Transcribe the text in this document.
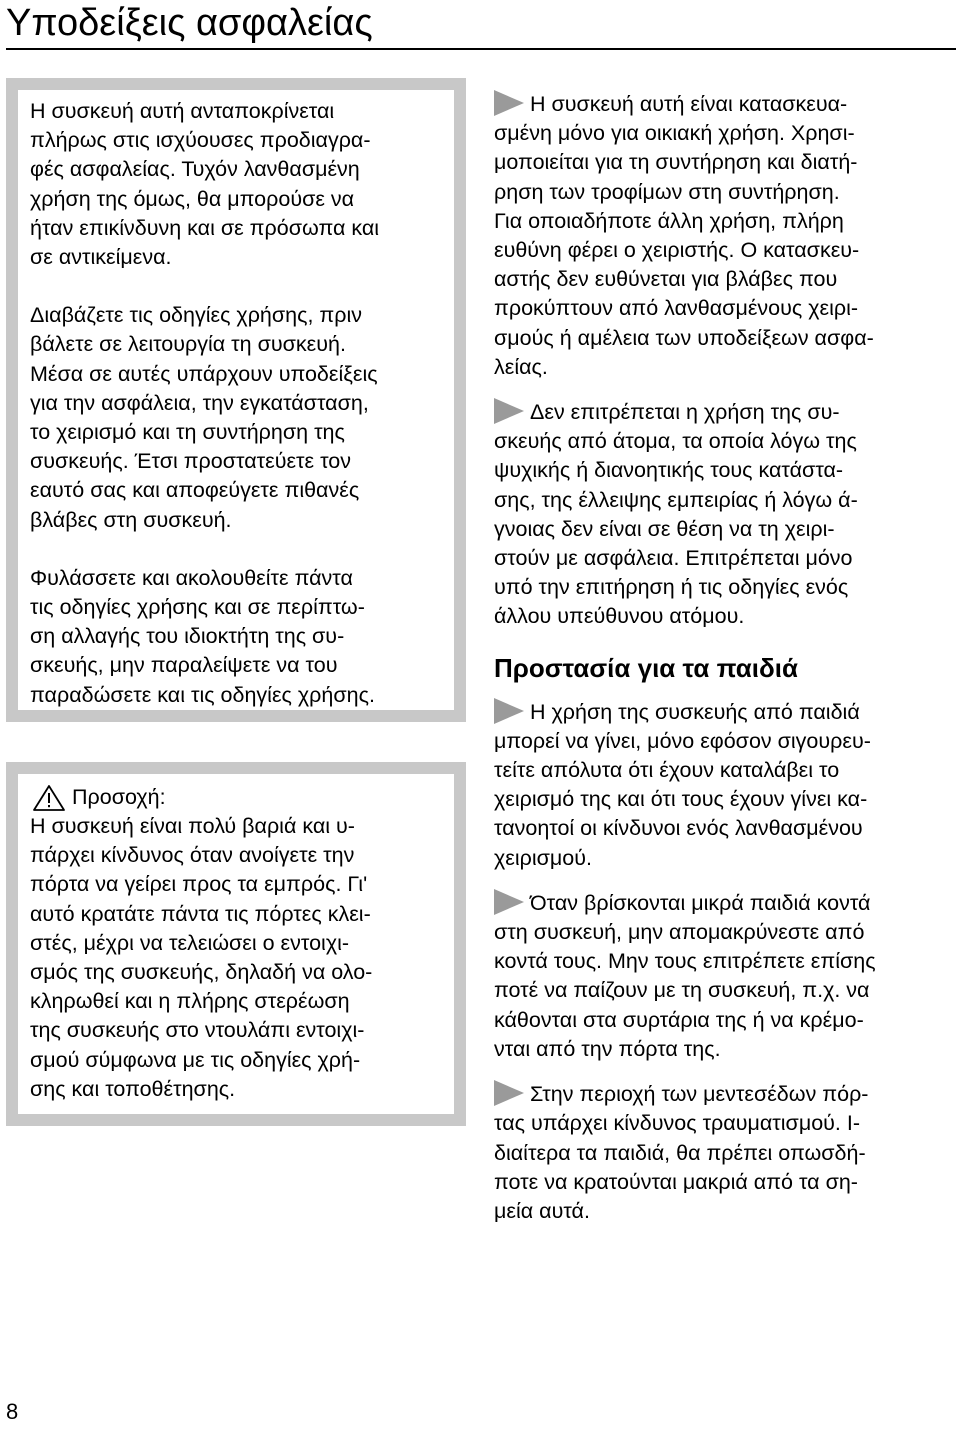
Υποδείξεις ασφαλείας

Η συσκευή αυτή ανταποκρίνεται
πλήρως στις ισχύουσες προδιαγρα-
φές ασφαλείας. Τυχόν λανθασμένη
χρήση της όμως, θα μπορούσε να
ήταν επικίνδυνη και σε πρόσωπα και
σε αντικείμενα.

Διαβάζετε τις οδηγίες χρήσης, πριν
βάλετε σε λειτουργία τη συσκευή.
Μέσα σε αυτές υπάρχουν υποδείξεις
για την ασφάλεια, την εγκατάσταση,
το χειρισμό και τη συντήρηση της
συσκευής. Έτσι προστατεύετε τον
εαυτό σας και αποφεύγετε πιθανές
βλάβες στη συσκευή.

Φυλάσσετε και ακολουθείτε πάντα
τις οδηγίες χρήσης και σε περίπτω-
ση αλλαγής του ιδιοκτήτη της συ-
σκευής, μην παραλείψετε να του
παραδώσετε και τις οδηγίες χρήσης.

Προσοχή:

Η συσκευή είναι πολύ βαριά και υ-
πάρχει κίνδυνος όταν ανοίγετε την
πόρτα να γείρει προς τα εμπρός. Γι'
αυτό κρατάτε πάντα τις πόρτες κλει-
στές, μέχρι να τελειώσει ο εντοιχι-
σμός της συσκευής, δηλαδή να ολο-
κληρωθεί και η πλήρης στερέωση
της συσκευής στο ντουλάπι εντοιχι-
σμού σύμφωνα με τις οδηγίες χρή-
σης και τοποθέτησης.

Η συσκευή αυτή είναι κατασκευα-
σμένη μόνο για οικιακή χρήση. Χρησι-
μοποιείται για τη συντήρηση και διατή-
ρηση των τροφίμων στη συντήρηση.
Για οποιαδήποτε άλλη χρήση, πλήρη
ευθύνη φέρει ο χειριστής. Ο κατασκευ-
αστής δεν ευθύνεται για βλάβες που
προκύπτουν από λανθασμένους χειρι-
σμούς ή αμέλεια των υποδείξεων ασφα-
λείας.

Δεν επιτρέπεται η χρήση της συ-
σκευής από άτομα, τα οποία λόγω της
ψυχικής ή διανοητικής τους κατάστα-
σης, της έλλειψης εμπειρίας ή λόγω ά-
γνοιας δεν είναι σε θέση να τη χειρι-
στούν με ασφάλεια. Επιτρέπεται μόνο
υπό την επιτήρηση ή τις οδηγίες ενός
άλλου υπεύθυνου ατόμου.

Προστασία για τα παιδιά

Η χρήση της συσκευής από παιδιά
μπορεί να γίνει, μόνο εφόσον σιγουρευ-
τείτε απόλυτα ότι έχουν καταλάβει το
χειρισμό της και ότι τους έχουν γίνει κα-
τανοητοί οι κίνδυνοι ενός λανθασμένου
χειρισμού.

Όταν βρίσκονται μικρά παιδιά κοντά
στη συσκευή, μην απομακρύνεστε από
κοντά τους. Μην τους επιτρέπετε επίσης
ποτέ να παίζουν με τη συσκευή, π.χ. να
κάθονται στα συρτάρια της ή να κρέμο-
νται από την πόρτα της.

Στην περιοχή των μεντεσέδων πόρ-
τας υπάρχει κίνδυνος τραυματισμού. Ι-
διαίτερα τα παιδιά, θα πρέπει οπωσδή-
ποτε να κρατούνται μακριά από τα ση-
μεία αυτά.

8
